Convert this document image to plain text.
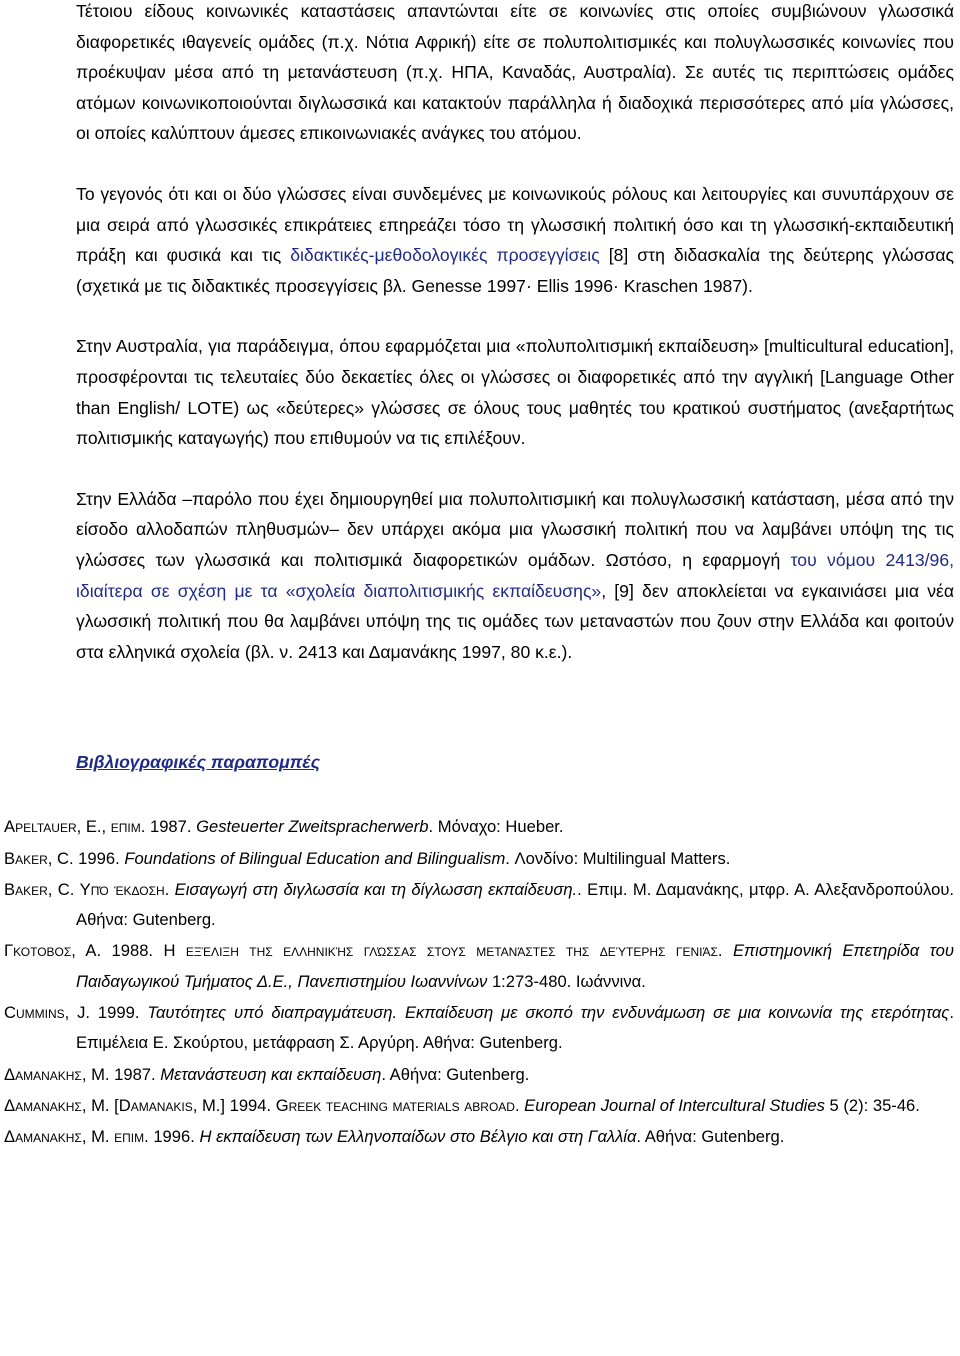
Τέτοιου είδους κοινωνικές καταστάσεις απαντώνται είτε σε κοινωνίες στις οποίες συμβιώνουν γλωσσικά διαφορετικές ιθαγενείς ομάδες (π.χ. Νότια Αφρική) είτε σε πολυπολιτισμικές και πολυγλωσσικές κοινωνίες που προέκυψαν μέσα από τη μετανάστευση (π.χ. ΗΠΑ, Καναδάς, Αυστραλία). Σε αυτές τις περιπτώσεις ομάδες ατόμων κοινωνικοποιούνται διγλωσσικά και κατακτούν παράλληλα ή διαδοχικά περισσότερες από μία γλώσσες, οι οποίες καλύπτουν άμεσες επικοινωνιακές ανάγκες του ατόμου.

Το γεγονός ότι και οι δύο γλώσσες είναι συνδεμένες με κοινωνικούς ρόλους και λειτουργίες και συνυπάρχουν σε μια σειρά από γλωσσικές επικράτειες επηρεάζει τόσο τη γλωσσική πολιτική όσο και τη γλωσσική-εκπαιδευτική πράξη και φυσικά και τις διδακτικές-μεθοδολογικές προσεγγίσεις [8] στη διδασκαλία της δεύτερης γλώσσας (σχετικά με τις διδακτικές προσεγγίσεις βλ. Genesse 1997· Ellis 1996· Kraschen 1987).

Στην Αυστραλία, για παράδειγμα, όπου εφαρμόζεται μια «πολυπολιτισμική εκπαίδευση» [multicultural education], προσφέρονται τις τελευταίες δύο δεκαετίες όλες οι γλώσσες οι διαφορετικές από την αγγλική [Language Other than English/ LOTE) ως «δεύτερες» γλώσσες σε όλους τους μαθητές του κρατικού συστήματος (ανεξαρτήτως πολιτισμικής καταγωγής) που επιθυμούν να τις επιλέξουν.

Στην Ελλάδα –παρόλο που έχει δημιουργηθεί μια πολυπολιτισμική και πολυγλωσσική κατάσταση, μέσα από την είσοδο αλλοδαπών πληθυσμών– δεν υπάρχει ακόμα μια γλωσσική πολιτική που να λαμβάνει υπόψη της τις γλώσσες των γλωσσικά και πολιτισμικά διαφορετικών ομάδων. Ωστόσο, η εφαρμογή του νόμου 2413/96, ιδιαίτερα σε σχέση με τα «σχολεία διαπολιτισμικής εκπαίδευσης», [9] δεν αποκλείεται να εγκαινιάσει μια νέα γλωσσική πολιτική που θα λαμβάνει υπόψη της τις ομάδες των μεταναστών που ζουν στην Ελλάδα και φοιτούν στα ελληνικά σχολεία (βλ. ν. 2413 και Δαμανάκης 1997, 80 κ.ε.).

Βιβλιογραφικές παραπομπές

Apeltauer, E., επιμ. 1987. Gesteuerter Zweitspracherwerb. Μόναχο: Hueber.

Baker, C. 1996. Foundations of Bilingual Education and Bilingualism. Λονδίνο: Multilingual Matters.

Baker, C. Υπό έκδοση. Εισαγωγή στη διγλωσσία και τη δίγλωσση εκπαίδευση.. Επιμ. Μ. Δαμανάκης, μτφρ. Α. Αλεξανδροπούλου. Αθήνα: Gutenberg.

Γκοτοβος, Α. 1988. Η εξέλιξη της ελληνικής γλώσσας στους μετανάστες της δεύτερης γενιάς. Επιστημονική Επετηρίδα του Παιδαγωγικού Τμήματος Δ.Ε., Πανεπιστημίου Ιωαννίνων 1:273-480. Ιωάννινα.

Cummins, J. 1999. Ταυτότητες υπό διαπραγμάτευση. Εκπαίδευση με σκοπό την ενδυνάμωση σε μια κοινωνία της ετερότητας. Επιμέλεια Ε. Σκούρτου, μετάφραση Σ. Αργύρη. Αθήνα: Gutenberg.

Δαμανακης, Μ. 1987. Μετανάστευση και εκπαίδευση. Αθήνα: Gutenberg.

Δαμανακης, Μ. [Damanakis, M.] 1994. Greek teaching materials abroad. European Journal of Intercultural Studies 5 (2): 35-46.

Δαμανακης, Μ. επιμ. 1996. Η εκπαίδευση των Ελληνοπαίδων στο Βέλγιο και στη Γαλλία. Αθήνα: Gutenberg.
